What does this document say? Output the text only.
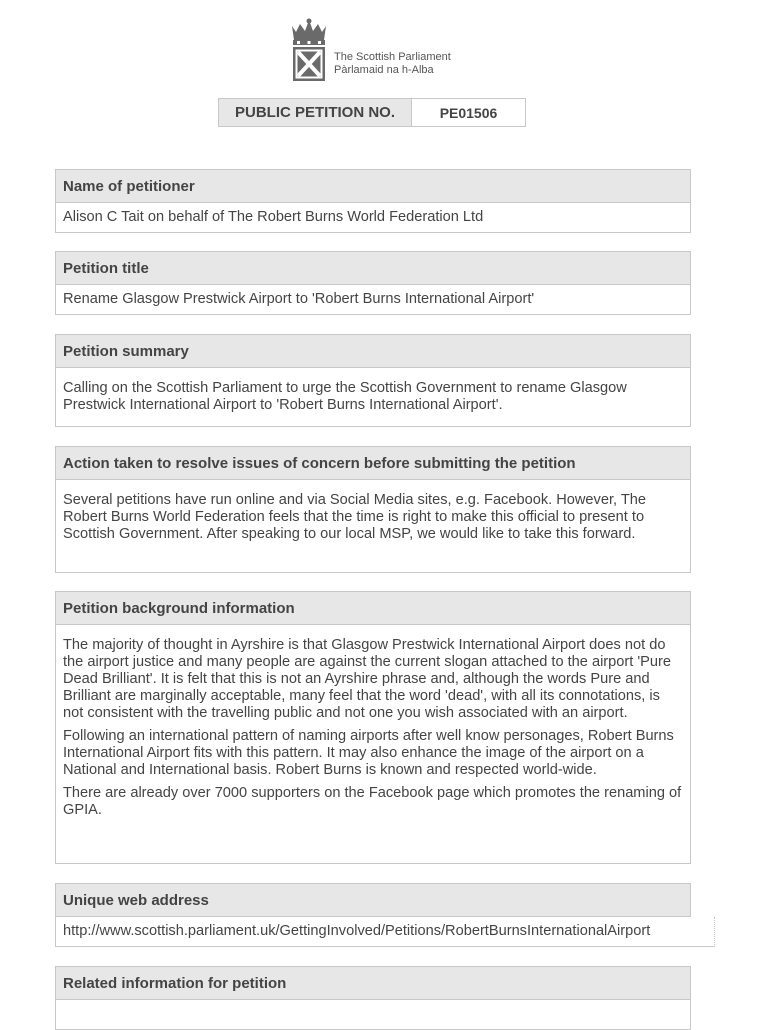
The Scottish Parliament
Pàrlamaid na h-Alba
PUBLIC PETITION NO.	PE01506
Name of petitioner
Alison C Tait on behalf of The Robert Burns World Federation Ltd
Petition title
Rename Glasgow Prestwick Airport to 'Robert Burns International Airport'
Petition summary
Calling on the Scottish Parliament to urge the Scottish Government to rename Glasgow Prestwick International Airport to 'Robert Burns International Airport'.
Action taken to resolve issues of concern before submitting the petition
Several petitions have run online and via Social Media sites, e.g. Facebook. However, The Robert Burns World Federation feels that the time is right to make this official to present to Scottish Government. After speaking to our local MSP, we would like to take this forward.
Petition background information

The majority of thought in Ayrshire is that Glasgow Prestwick International Airport does not do the airport justice and many people are against the current slogan attached to the airport 'Pure Dead Brilliant'. It is felt that this is not an Ayrshire phrase and, although the words Pure and Brilliant are marginally acceptable, many feel that the word 'dead', with all its connotations, is not consistent with the travelling public and not one you wish associated with an airport.

Following an international pattern of naming airports after well know personages, Robert Burns International Airport fits with this pattern. It may also enhance the image of the airport on a National and International basis. Robert Burns is known and respected world-wide.

There are already over 7000 supporters on the Facebook page which promotes the renaming of GPIA.

Unique web address
http://www.scottish.parliament.uk/GettingInvolved/Petitions/RobertBurnsInternationalAirport
Related information for petition
